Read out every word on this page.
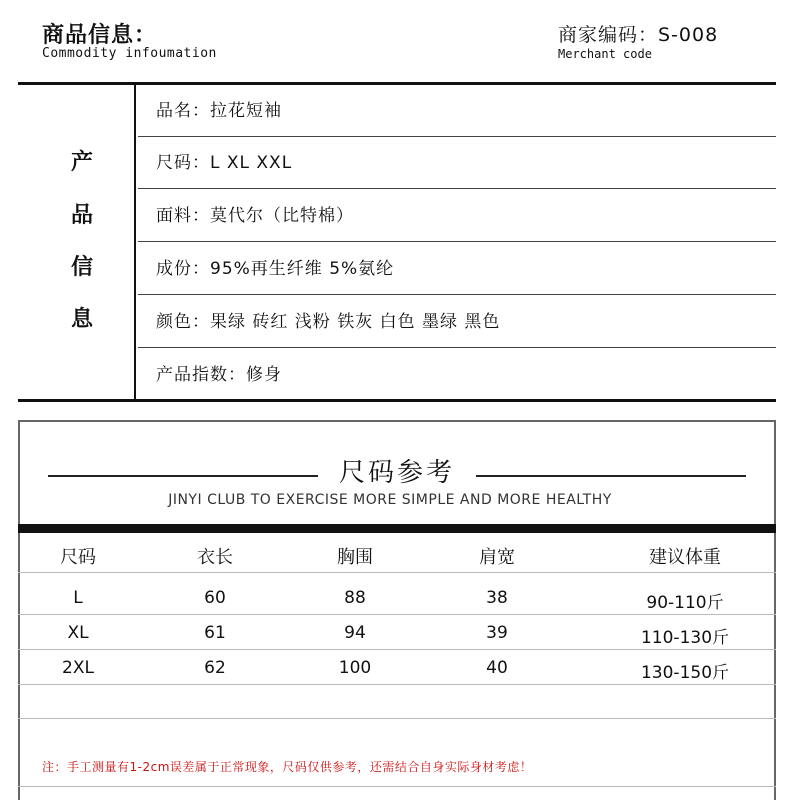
商品信息：
Commodity infoumation
商家编码：S-008
Merchant code
产
品
信
息
品名：拉花短袖
尺码：L XL XXL
面料：莫代尔（比特棉）
成份：95%再生纤维 5%氨纶
颜色：果绿 砖红 浅粉 铁灰 白色 墨绿 黑色
产品指数：修身
尺码参考
JINYI CLUB TO EXERCISE MORE SIMPLE AND MORE HEALTHY
尺码	衣长	胸围	肩宽	建议体重
L	60	88	38	90-110斤
XL	61	94	39	110-130斤
2XL	62	100	40	130-150斤
注：手工测量有1-2cm误差属于正常现象，尺码仅供参考，还需结合自身实际身材考虑！
